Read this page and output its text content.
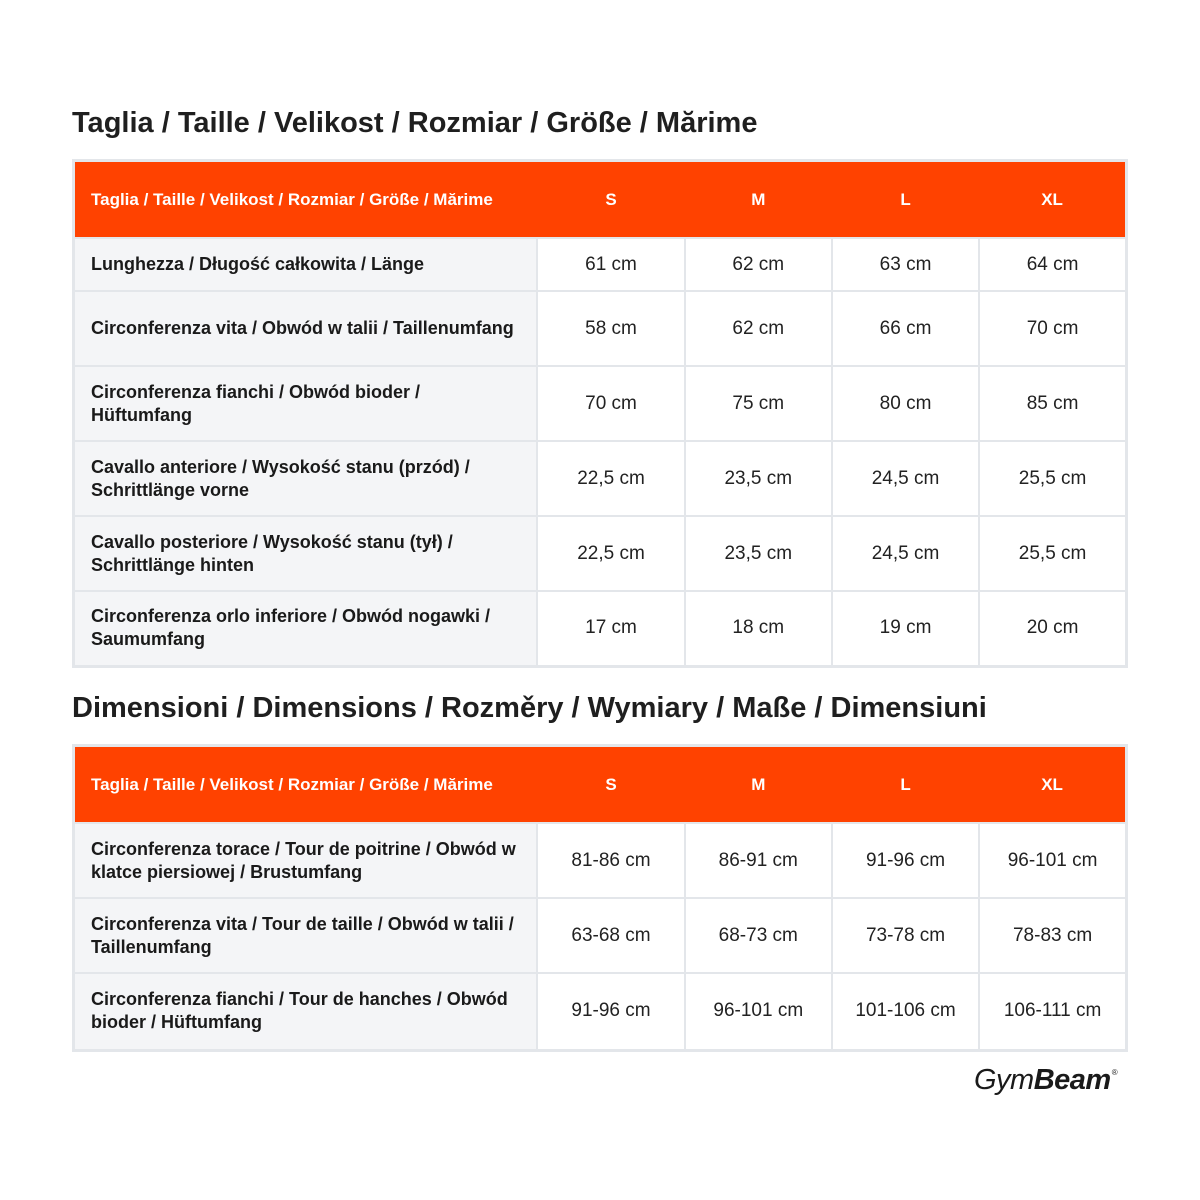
Taglia / Taille / Velikost / Rozmiar / Größe / Mărime
Taglia / Taille / Velikost / Rozmiar / Größe / Mărime	S	M	L	XL
Lunghezza / Długość całkowita / Länge	61 cm	62 cm	63 cm	64 cm
Circonferenza vita / Obwód w talii / Taillenumfang	58 cm	62 cm	66 cm	70 cm
Circonferenza fianchi / Obwód bioder / Hüftumfang	70 cm	75 cm	80 cm	85 cm
Cavallo anteriore / Wysokość stanu (przód) / Schrittlänge vorne	22,5 cm	23,5 cm	24,5 cm	25,5 cm
Cavallo posteriore / Wysokość stanu (tył) / Schrittlänge hinten	22,5 cm	23,5 cm	24,5 cm	25,5 cm
Circonferenza orlo inferiore / Obwód nogawki / Saumumfang	17 cm	18 cm	19 cm	20 cm
Dimensioni / Dimensions / Rozměry / Wymiary / Maße / Dimensiuni
Taglia / Taille / Velikost / Rozmiar / Größe / Mărime	S	M	L	XL
Circonferenza torace / Tour de poitrine / Obwód w klatce piersiowej / Brustumfang	81-86 cm	86-91 cm	91-96 cm	96-101 cm
Circonferenza vita / Tour de taille / Obwód w talii / Taillenumfang	63-68 cm	68-73 cm	73-78 cm	78-83 cm
Circonferenza fianchi / Tour de hanches / Obwód bioder / Hüftumfang	91-96 cm	96-101 cm	101-106 cm	106-111 cm
GymBeam®
